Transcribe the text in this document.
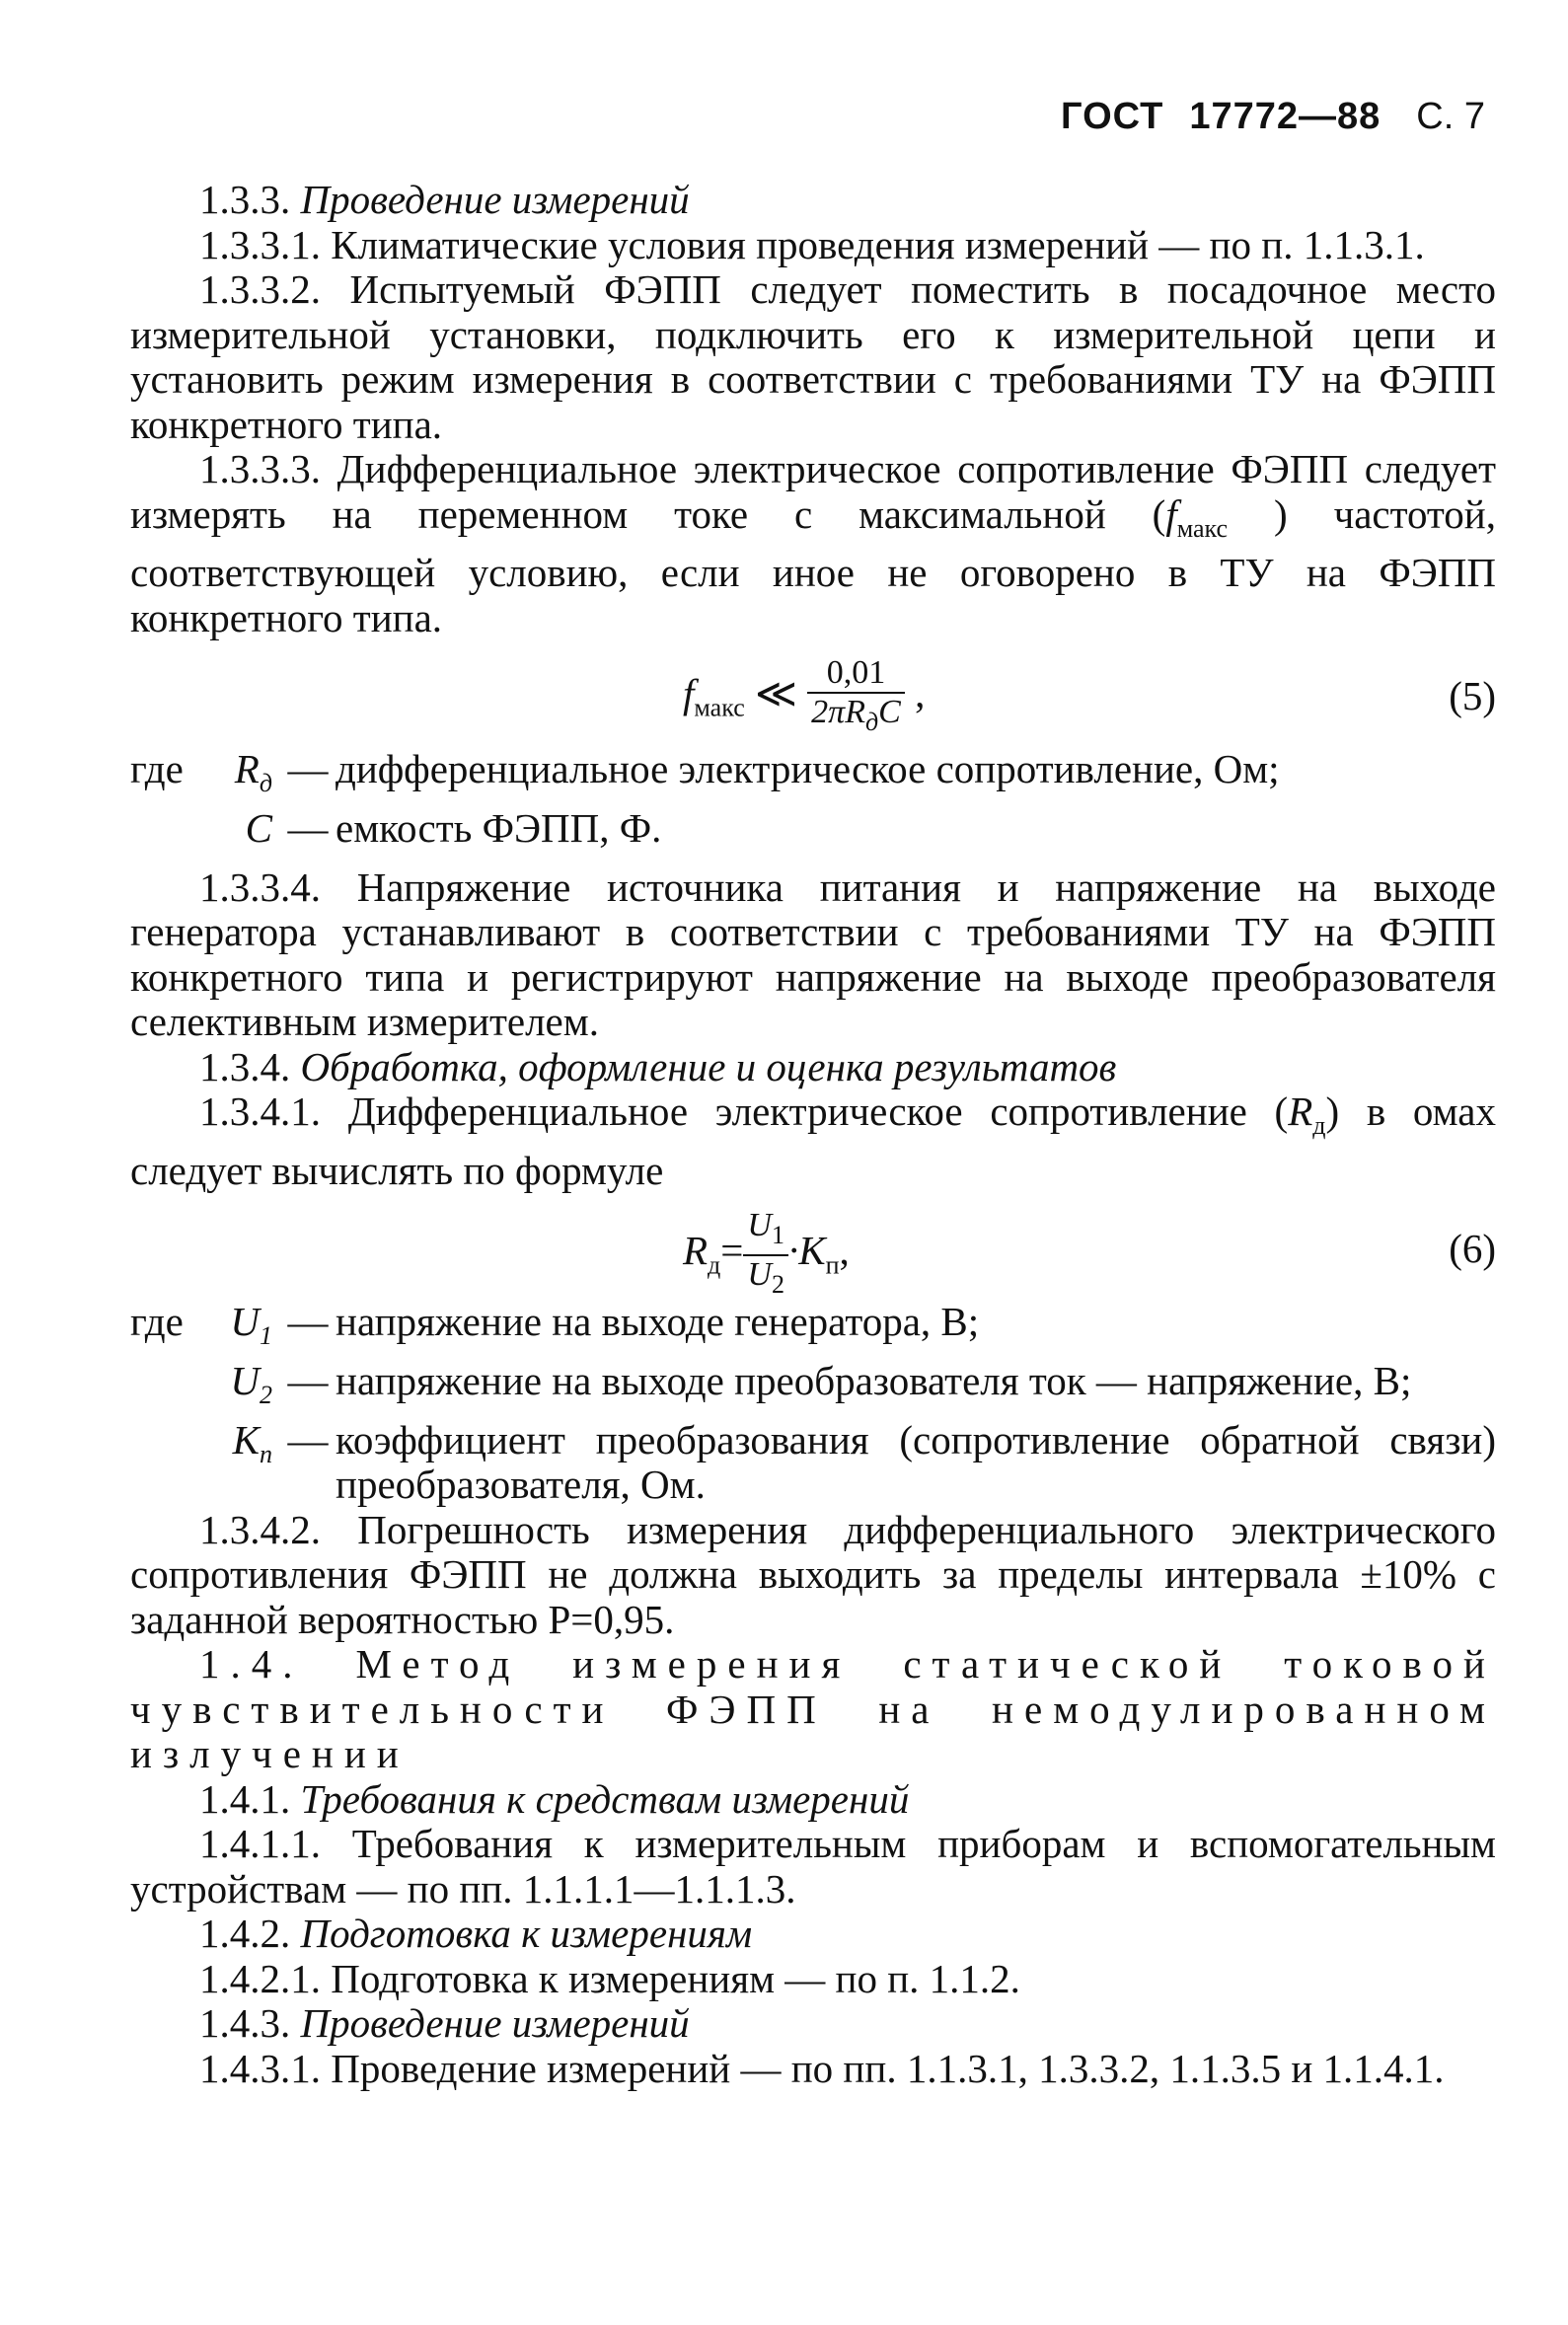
ГОСТ 17772—88 С. 7

1.3.3. Проведение измерений

1.3.3.1. Климатические условия проведения измерений — по п. 1.1.3.1.

1.3.3.2. Испытуемый ФЭПП следует поместить в посадочное место измерительной установки, подключить его к измерительной цепи и установить режим измерения в соответствии с требованиями ТУ на ФЭПП конкретного типа.

1.3.3.3. Дифференциальное электрическое сопротивление ФЭПП следует измерять на переменном токе с максимальной ($f_{макс}$ ) частотой, соответствующей условию, если иное не оговорено в ТУ на ФЭПП конкретного типа.

$f_{макс}$ ≪ $\frac{0,01}{2\pi R_дC}$ ,	(5)
где	$R_д$ — дифференциальное электрическое сопротивление, Ом;
C — емкость ФЭПП, Ф.

1.3.3.4. Напряжение источника питания и напряжение на выходе генератора устанавливают в соответствии с требованиями ТУ на ФЭПП конкретного типа и регистрируют напряжение на выходе преобразователя селективным измерителем.

1.3.4. Обработка, оформление и оценка результатов

1.3.4.1. Дифференциальное электрическое сопротивление $(R_д)$ в омах следует вычислять по формуле

$R_д= \frac{U_1}{U_2} \cdot K_п$,	(6)
где	$U_1$ — напряжение на выходе генератора, В;
$U_2$ — напряжение на выходе преобразователя ток — напряжение, В;
$K_п$ — коэффициент преобразования (сопротивление обратной связи) преобразователя, Ом.

1.3.4.2. Погрешность измерения дифференциального электрического сопротивления ФЭПП не должна выходить за пределы интервала ±10% с заданной вероятностью P=0,95.

1.4. Метод измерения статической токовой чувствительности ФЭПП на немодулированном излучении

1.4.1. Требования к средствам измерений

1.4.1.1. Требования к измерительным приборам и вспомогательным устройствам — по пп. 1.1.1.1—1.1.1.3.

1.4.2. Подготовка к измерениям

1.4.2.1. Подготовка к измерениям — по п. 1.1.2.

1.4.3. Проведение измерений

1.4.3.1. Проведение измерений — по пп. 1.1.3.1, 1.3.3.2, 1.1.3.5 и 1.1.4.1.
